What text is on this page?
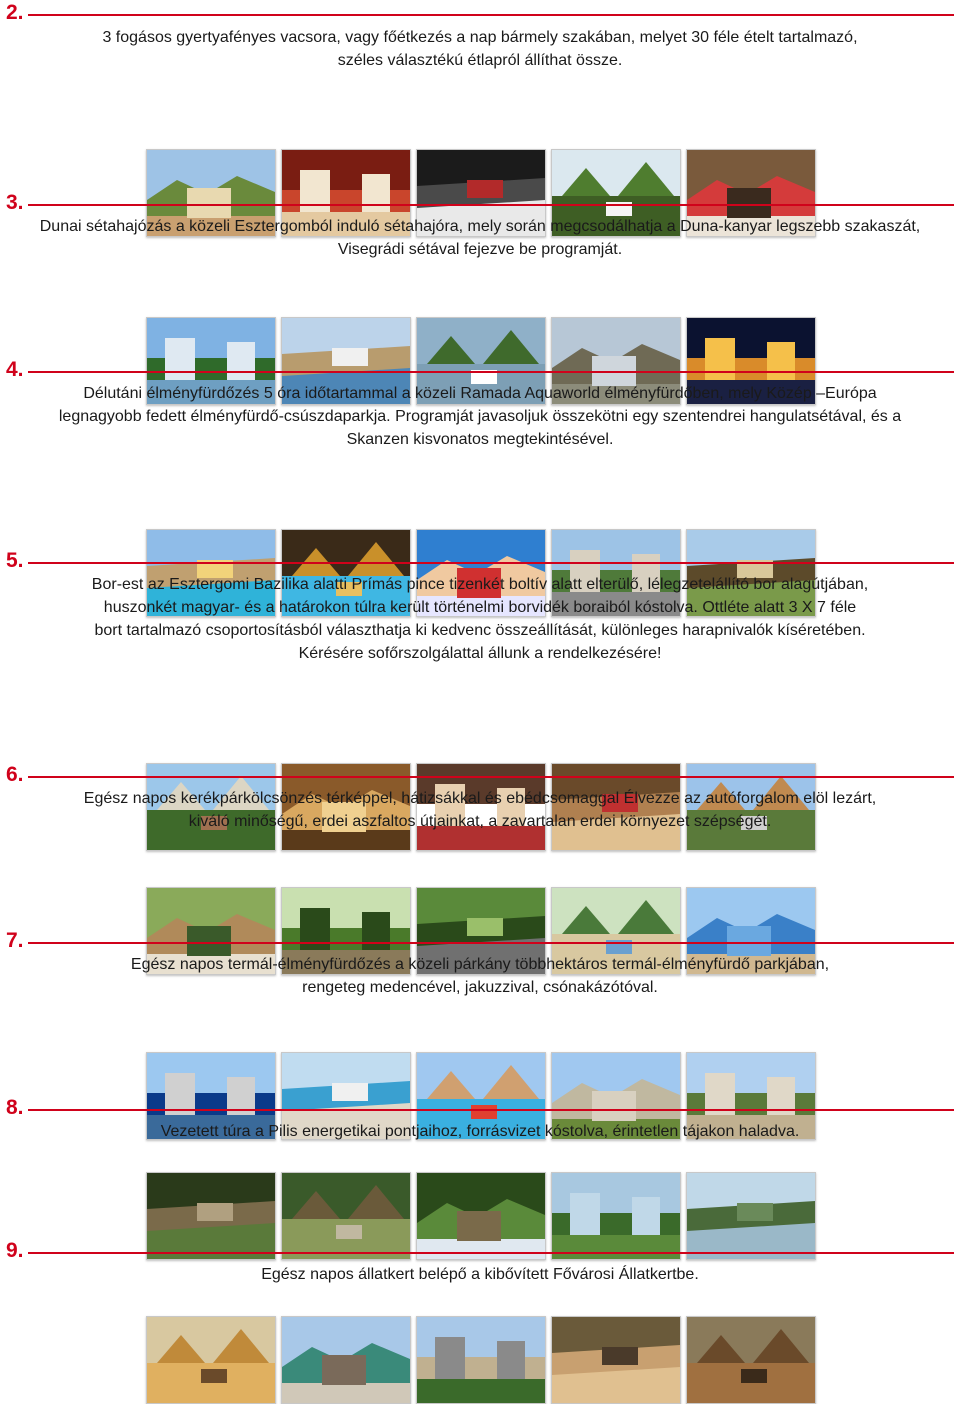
2.
3 fogásos gyertyafényes vacsora, vagy főétkezés a nap bármely szakában, melyet 30 féle ételt tartalmazó,
széles választékú étlapról állíthat össze.
3.
Dunai sétahajózás a közeli Esztergomból induló sétahajóra, mely során megcsodálhatja a Duna-kanyar legszebb szakaszát,
Visegrádi sétával fejezve be programját.
4.
Délutáni élményfürdőzés 5 óra időtartammal a közeli Ramada Aquaworld élményfürdőben, mely Közép –Európa
legnagyobb fedett élményfürdő-csúszdaparkja. Programját javasoljuk összekötni egy szentendrei hangulatsétával, és a
Skanzen kisvonatos megtekintésével.
5.
Bor-est az Esztergomi Bazilika alatti Prímás pince tizenkét boltív alatt elterülő, lélegzetelállító bor alagútjában,
huszonkét magyar- és a határokon túlra került történelmi borvidék boraiból kóstolva. Ottléte alatt 3 X 7 féle
bort tartalmazó csoportosításból választhatja ki kedvenc összeállítását, különleges harapnivalók kíséretében.
Kérésére sofőrszolgálattal állunk a rendelkezésére!
6.
Egész napos kerékpárkölcsönzés térképpel, hátizsákkal és ebédcsomaggal Élvezze az autóforgalom elöl lezárt,
kiváló minőségű, erdei aszfaltos útjainkat, a zavartalan erdei környezet szépségét.
7.
Egész napos termál-élményfürdőzés a közeli párkány többhektáros termál-élményfürdő parkjában,
rengeteg medencével, jakuzzival, csónakázótóval.
8.
Vezetett túra a Pilis energetikai pontjaihoz, forrásvizet kóstolva, érintetlen tájakon haladva.
9.
Egész napos állatkert belépő a kibővített Fővárosi Állatkertbe.
